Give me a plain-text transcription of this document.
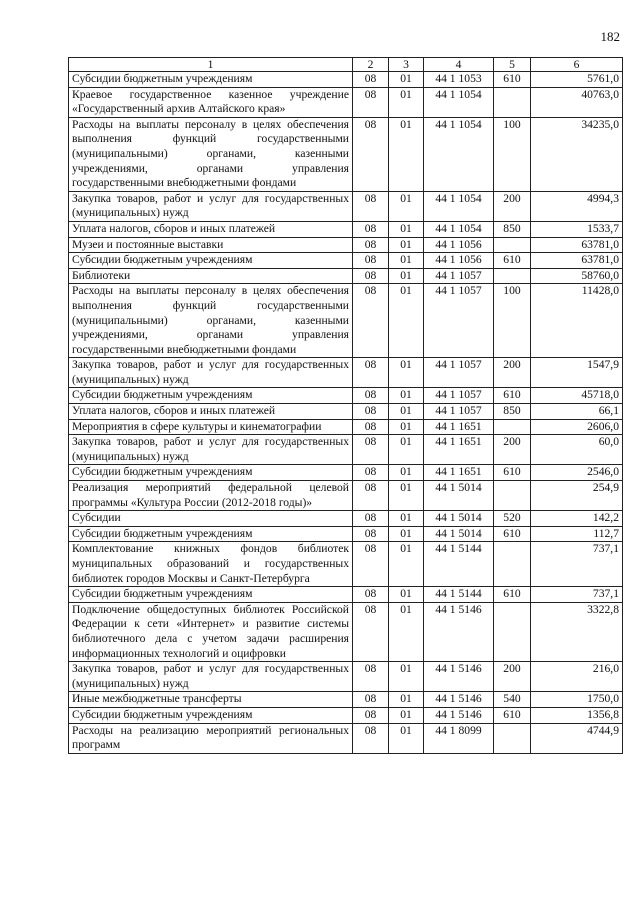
182
1	2	3	4	5	6
Субсидии бюджетным учреждениям	08	01	44 1 1053	610	5761,0
Краевое государственное казенное учреждение «Государственный архив Алтайского края»	08	01	44 1 1054		40763,0
Расходы на выплаты персоналу в целях обеспечения выполнения функций государственными (муниципальными) органами, казенными учреждениями, органами управления государственными внебюджетными фондами	08	01	44 1 1054	100	34235,0
Закупка товаров, работ и услуг для государственных (муниципальных) нужд	08	01	44 1 1054	200	4994,3
Уплата налогов, сборов и иных платежей	08	01	44 1 1054	850	1533,7
Музеи и постоянные выставки	08	01	44 1 1056		63781,0
Субсидии бюджетным учреждениям	08	01	44 1 1056	610	63781,0
Библиотеки	08	01	44 1 1057		58760,0
Расходы на выплаты персоналу в целях обеспечения выполнения функций государственными (муниципальными) органами, казенными учреждениями, органами управления государственными внебюджетными фондами	08	01	44 1 1057	100	11428,0
Закупка товаров, работ и услуг для государственных (муниципальных) нужд	08	01	44 1 1057	200	1547,9
Субсидии бюджетным учреждениям	08	01	44 1 1057	610	45718,0
Уплата налогов, сборов и иных платежей	08	01	44 1 1057	850	66,1
Мероприятия в сфере культуры и кинематографии	08	01	44 1 1651		2606,0
Закупка товаров, работ и услуг для государственных (муниципальных) нужд	08	01	44 1 1651	200	60,0
Субсидии бюджетным учреждениям	08	01	44 1 1651	610	2546,0
Реализация мероприятий федеральной целевой программы «Культура России (2012-2018 годы)»	08	01	44 1 5014		254,9
Субсидии	08	01	44 1 5014	520	142,2
Субсидии бюджетным учреждениям	08	01	44 1 5014	610	112,7
Комплектование книжных фондов библиотек муниципальных образований и государственных библиотек городов Москвы и Санкт-Петербурга	08	01	44 1 5144		737,1
Субсидии бюджетным учреждениям	08	01	44 1 5144	610	737,1
Подключение общедоступных библиотек Российской Федерации к сети «Интернет» и развитие системы библиотечного дела с учетом задачи расширения информационных технологий и оцифровки	08	01	44 1 5146		3322,8
Закупка товаров, работ и услуг для государственных (муниципальных) нужд	08	01	44 1 5146	200	216,0
Иные межбюджетные трансферты	08	01	44 1 5146	540	1750,0
Субсидии бюджетным учреждениям	08	01	44 1 5146	610	1356,8
Расходы на реализацию мероприятий региональных программ	08	01	44 1 8099		4744,9
